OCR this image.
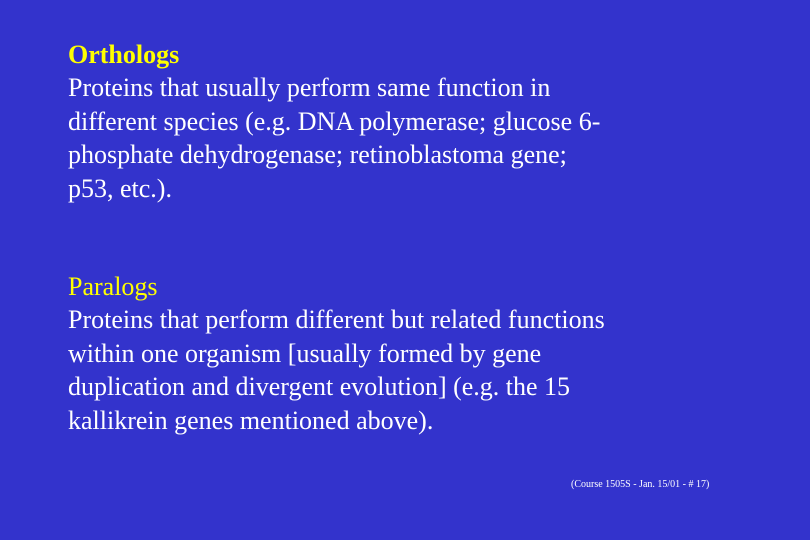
Orthologs
Proteins that usually perform same function in
different species (e.g. DNA polymerase; glucose 6-
phosphate dehydrogenase; retinoblastoma gene;
p53, etc.).
Paralogs
Proteins that perform different but related functions
within one organism [usually formed by gene
duplication and divergent evolution] (e.g. the 15
kallikrein genes mentioned above).
(Course 1505S - Jan. 15/01 - # 17)
